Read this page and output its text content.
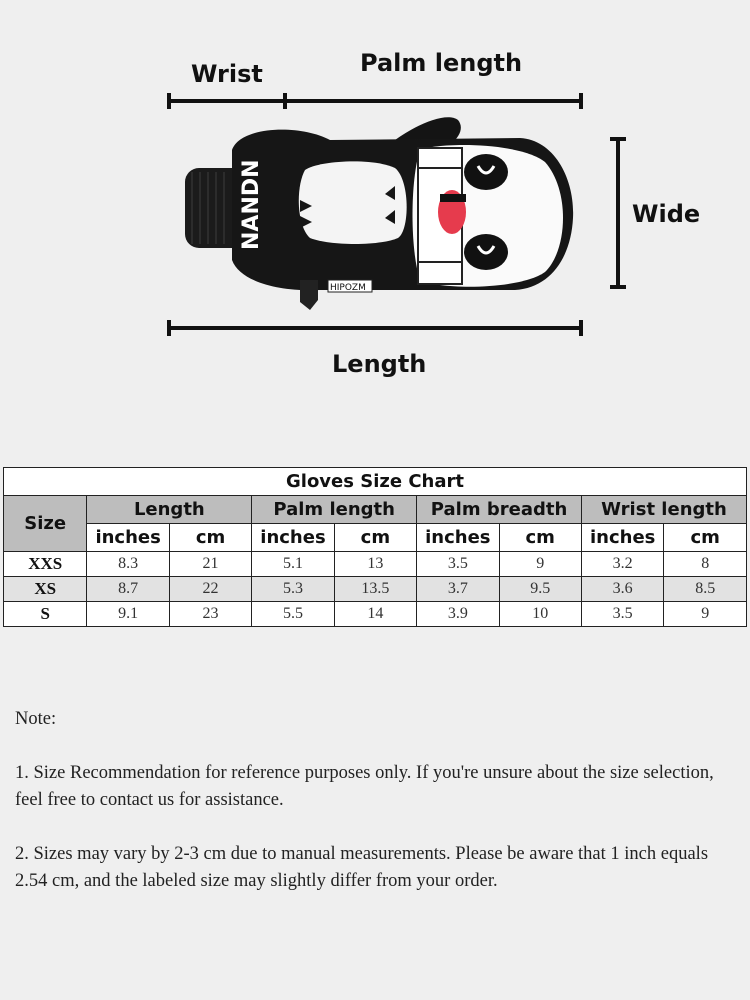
NANDN
HIPOZM
Wrist	Palm length
Wide
Length
Gloves Size Chart								
Size	Length		Palm length		Palm breadth		Wrist length	
	inches	cm	inches	cm	inches	cm	inches	cm
XXS	8.3	21	5.1	13	3.5	9	3.2	8
XS	8.7	22	5.3	13.5	3.7	9.5	3.6	8.5
S	9.1	23	5.5	14	3.9	10	3.5	9

Note:

1. Size Recommendation for reference purposes only. If you're unsure about the size selection, feel free to contact us for assistance.

2. Sizes may vary by 2-3 cm due to manual measurements. Please be aware that 1 inch equals 2.54 cm, and the labeled size may slightly differ from your order.
